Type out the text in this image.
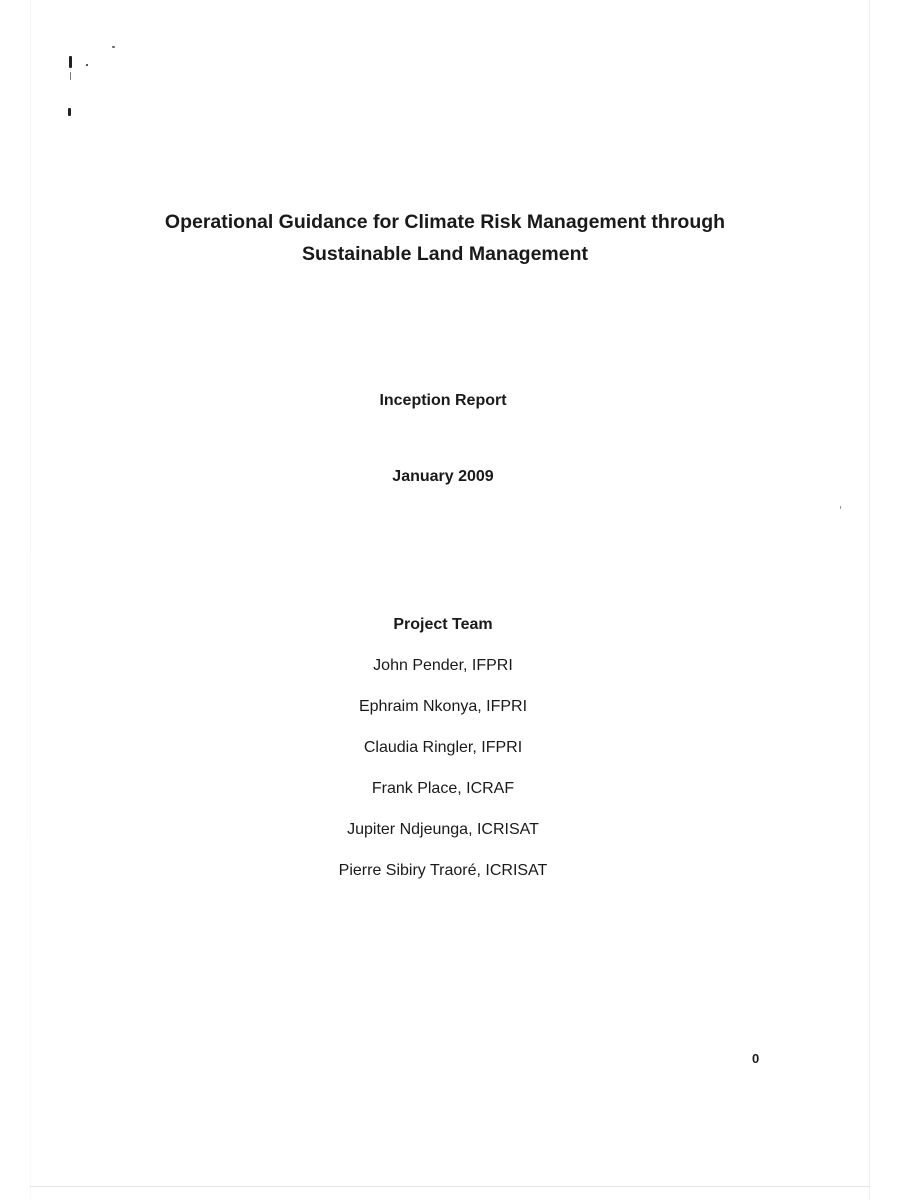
Operational Guidance for Climate Risk Management through
Sustainable Land Management
Inception Report
January 2009
Project Team
John Pender, IFPRI
Ephraim Nkonya, IFPRI
Claudia Ringler, IFPRI
Frank Place, ICRAF
Jupiter Ndjeunga, ICRISAT
Pierre Sibiry Traoré, ICRISAT
0
